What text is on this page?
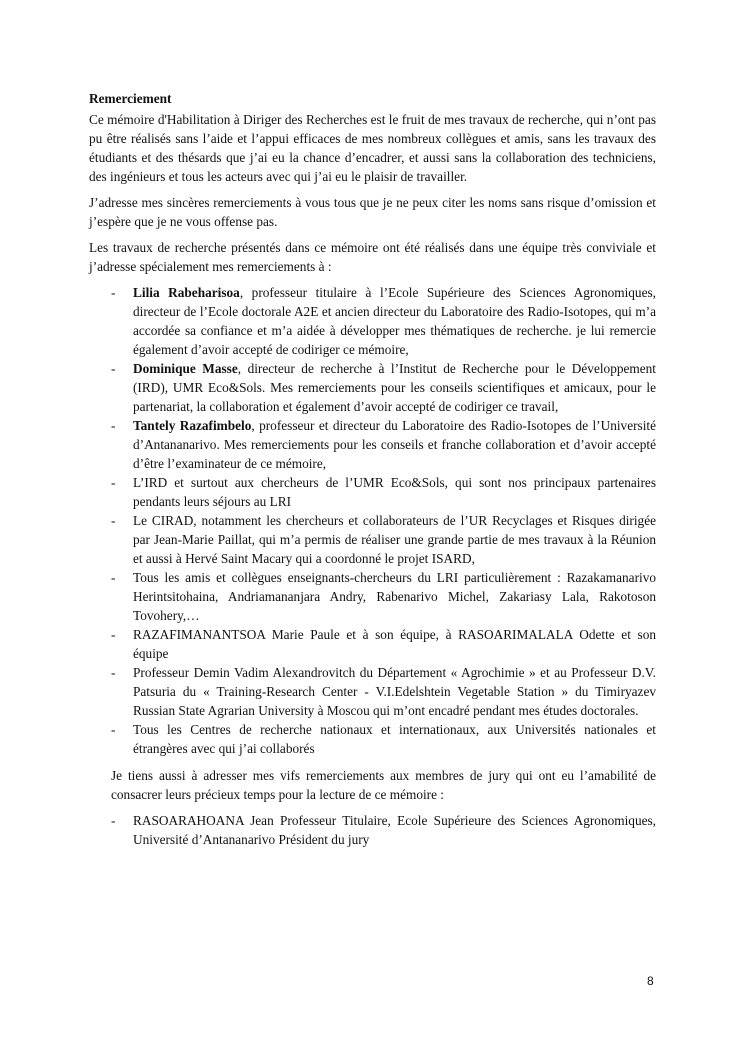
Remerciement

Ce mémoire d'Habilitation à Diriger des Recherches est le fruit de mes travaux de recherche, qui n’ont pas pu être réalisés sans l’aide et l’appui efficaces de mes nombreux collègues et amis, sans les travaux des étudiants et des thésards que j’ai eu la chance d’encadrer, et aussi sans la collaboration des techniciens, des ingénieurs et tous les acteurs avec qui j’ai eu le plaisir de travailler.

J’adresse mes sincères remerciements à vous tous que je ne peux citer les noms sans risque d’omission et j’espère que je ne vous offense pas.

Les travaux de recherche présentés dans ce mémoire ont été réalisés dans une équipe très conviviale et j’adresse spécialement mes remerciements à :

- Lilia Rabeharisoa, professeur titulaire à l’Ecole Supérieure des Sciences Agronomiques, directeur de l’Ecole doctorale A2E et ancien directeur du Laboratoire des Radio-Isotopes, qui m’a accordée sa confiance et m’a aidée à développer mes thématiques de recherche. je lui remercie également d’avoir accepté de codiriger ce mémoire,
- Dominique Masse, directeur de recherche à l’Institut de Recherche pour le Développement (IRD), UMR Eco&Sols. Mes remerciements pour les conseils scientifiques et amicaux, pour le partenariat, la collaboration et également d’avoir accepté de codiriger ce travail,
- Tantely Razafimbelo, professeur et directeur du Laboratoire des Radio-Isotopes de l’Université d’Antananarivo. Mes remerciements pour les conseils et franche collaboration et d’avoir accepté d’être l’examinateur de ce mémoire,
- L’IRD et surtout aux chercheurs de l’UMR Eco&Sols, qui sont nos principaux partenaires pendants leurs séjours au LRI
- Le CIRAD, notamment les chercheurs et collaborateurs de l’UR Recyclages et Risques dirigée par Jean-Marie Paillat, qui m’a permis de réaliser une grande partie de mes travaux à la Réunion et aussi à Hervé Saint Macary qui a coordonné le projet ISARD,
- Tous les amis et collègues enseignants-chercheurs du LRI particulièrement : Razakamanarivo Herintsitohaina, Andriamananjara Andry, Rabenarivo Michel, Zakariasy Lala, Rakotoson Tovohery,…
- RAZAFIMANANTSOA Marie Paule et à son équipe, à RASOARIMALALA Odette et son équipe
- Professeur Demin Vadim Alexandrovitch du Département « Agrochimie » et au Professeur D.V. Patsuria du « Training-Research Center - V.I.Edelshtein Vegetable Station » du Timiryazev Russian State Agrarian University à Moscou qui m’ont encadré pendant mes études doctorales.
- Tous les Centres de recherche nationaux et internationaux, aux Universités nationales et étrangères avec qui j’ai collaborés

Je tiens aussi à adresser mes vifs remerciements aux membres de jury qui ont eu l’amabilité de consacrer leurs précieux temps pour la lecture de ce mémoire :

- RASOARAHOANA Jean Professeur Titulaire, Ecole Supérieure des Sciences Agronomiques, Université d’Antananarivo Président du jury
8
